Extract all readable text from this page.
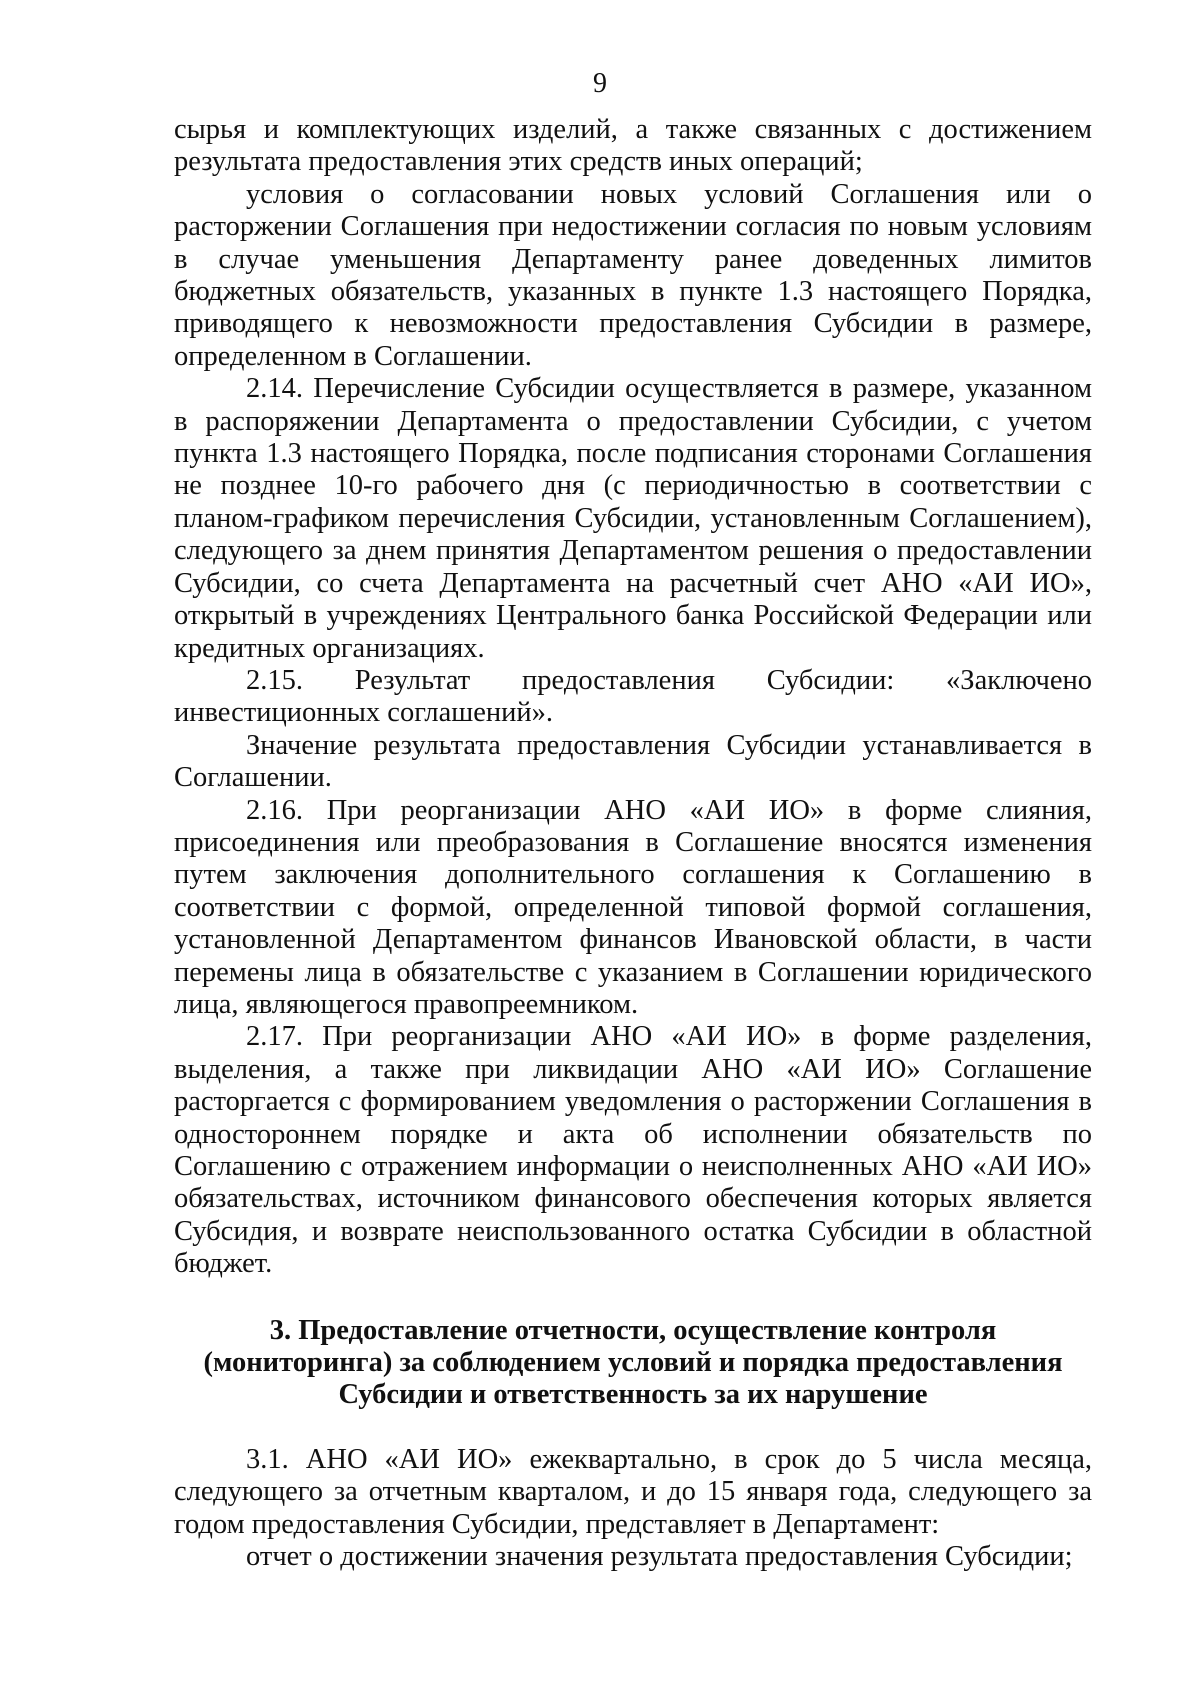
9

сырья и комплектующих изделий, а также связанных с достижением результата предоставления этих средств иных операций;

условия о согласовании новых условий Соглашения или о расторжении Соглашения при недостижении согласия по новым условиям в случае уменьшения Департаменту ранее доведенных лимитов бюджетных обязательств, указанных в пункте 1.3 настоящего Порядка, приводящего к невозможности предоставления Субсидии в размере, определенном в Соглашении.

2.14. Перечисление Субсидии осуществляется в размере, указанном в распоряжении Департамента о предоставлении Субсидии, с учетом пункта 1.3 настоящего Порядка, после подписания сторонами Соглашения не позднее 10-го рабочего дня (с периодичностью в соответствии с планом-графиком перечисления Субсидии, установленным Соглашением), следующего за днем принятия Департаментом решения о предоставлении Субсидии, со счета Департамента на расчетный счет АНО «АИ ИО», открытый в учреждениях Центрального банка Российской Федерации или кредитных организациях.

2.15. Результат предоставления Субсидии: «Заключено инвестиционных соглашений».

Значение результата предоставления Субсидии устанавливается в Соглашении.

2.16. При реорганизации АНО «АИ ИО» в форме слияния, присоединения или преобразования в Соглашение вносятся изменения путем заключения дополнительного соглашения к Соглашению в соответствии с формой, определенной типовой формой соглашения, установленной Департаментом финансов Ивановской области, в части перемены лица в обязательстве с указанием в Соглашении юридического лица, являющегося правопреемником.

2.17. При реорганизации АНО «АИ ИО» в форме разделения, выделения, а также при ликвидации АНО «АИ ИО» Соглашение расторгается с формированием уведомления о расторжении Соглашения в одностороннем порядке и акта об исполнении обязательств по Соглашению с отражением информации о неисполненных АНО «АИ ИО» обязательствах, источником финансового обеспечения которых является Субсидия, и возврате неиспользованного остатка Субсидии в областной бюджет.

3. Предоставление отчетности, осуществление контроля (мониторинга) за соблюдением условий и порядка предоставления Субсидии и ответственность за их нарушение

3.1. АНО «АИ ИО» ежеквартально, в срок до 5 числа месяца, следующего за отчетным кварталом, и до 15 января года, следующего за годом предоставления Субсидии, представляет в Департамент:

отчет о достижении значения результата предоставления Субсидии;
